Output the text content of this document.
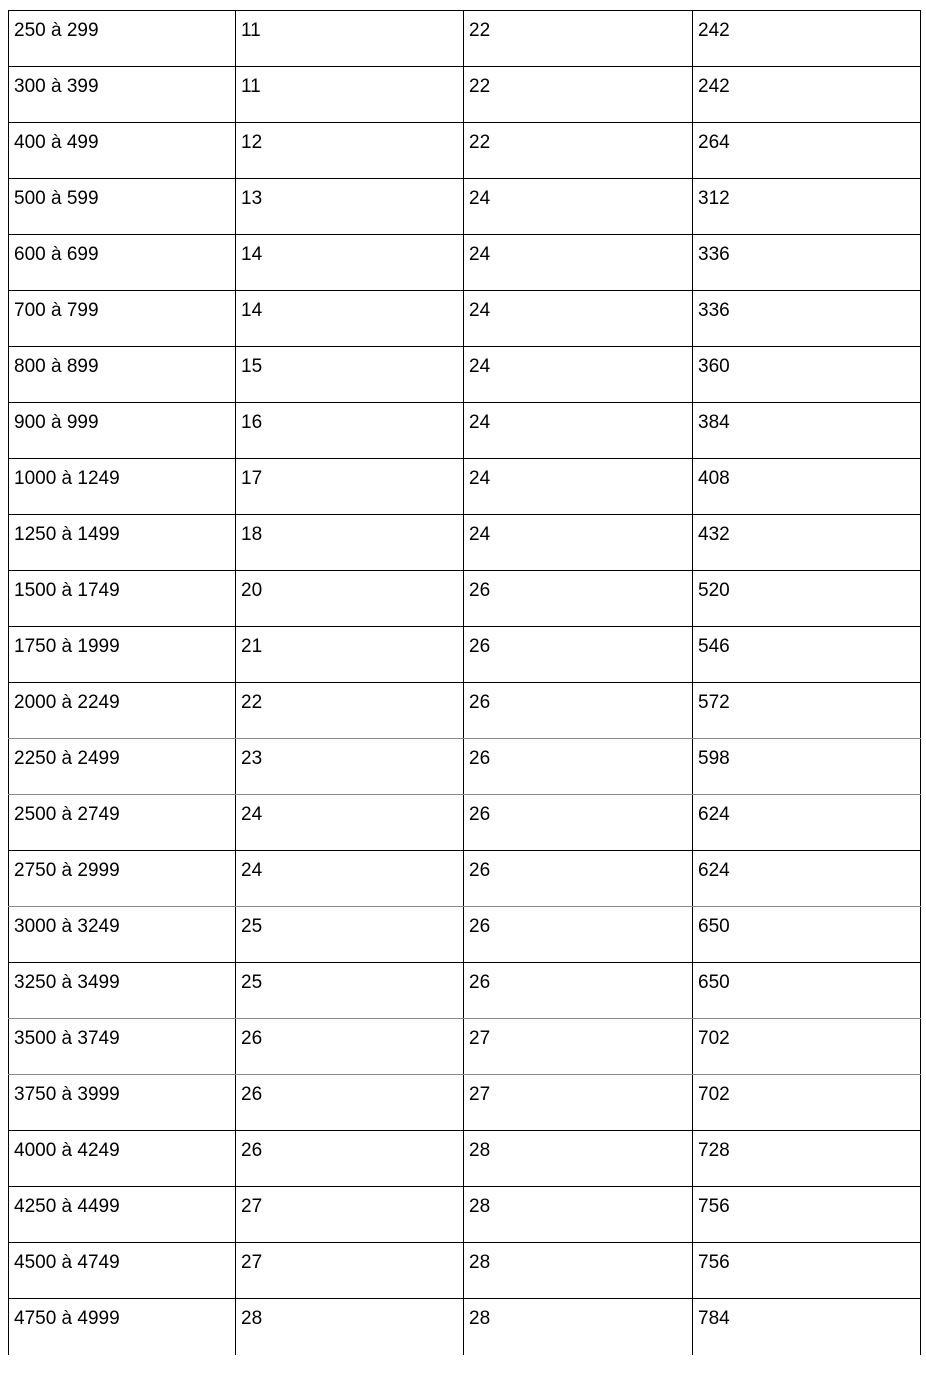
250 à 299	11	22	242
300 à 399	11	22	242
400 à 499	12	22	264
500 à 599	13	24	312
600 à 699	14	24	336
700 à 799	14	24	336
800 à 899	15	24	360
900 à 999	16	24	384
1000 à 1249	17	24	408
1250 à 1499	18	24	432
1500 à 1749	20	26	520
1750 à 1999	21	26	546
2000 à 2249	22	26	572
2250 à 2499	23	26	598
2500 à 2749	24	26	624
2750 à 2999	24	26	624
3000 à 3249	25	26	650
3250 à 3499	25	26	650
3500 à 3749	26	27	702
3750 à 3999	26	27	702
4000 à 4249	26	28	728
4250 à 4499	27	28	756
4500 à 4749	27	28	756
4750 à 4999	28	28	784
